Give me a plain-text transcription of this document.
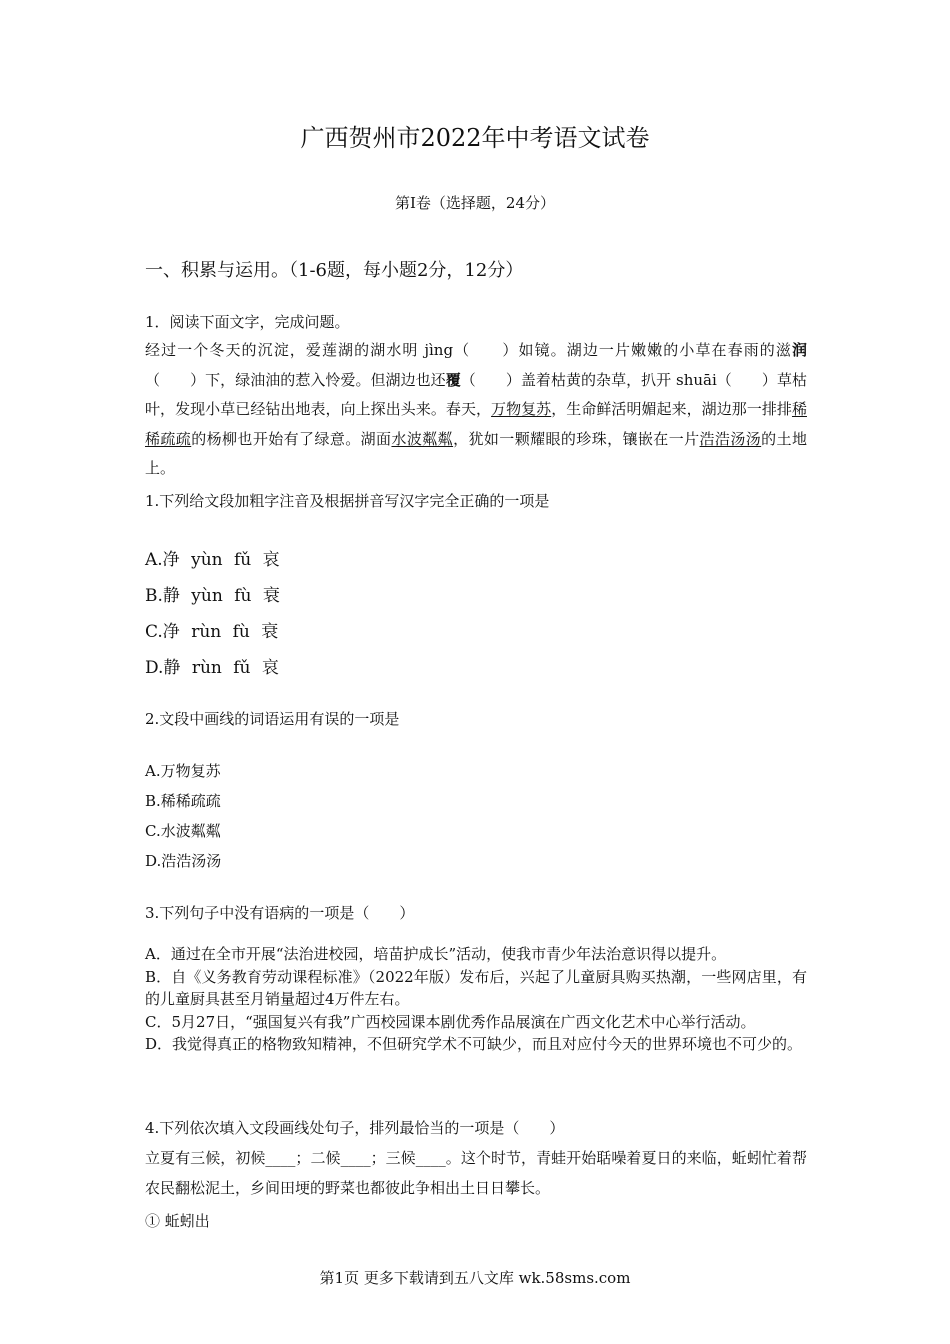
广西贺州市2022年中考语文试卷
第Ⅰ卷（选择题，24分）
一、积累与运用。（1-6题，每小题2分，12分）
1．阅读下面文字，完成问题。
经过一个冬天的沉淀，爱莲湖的湖水明 jìng（　　）如镜。湖边一片嫩嫩的小草在春雨的滋润（　　）下，绿油油的惹入怜爱。但湖边也还覆（　　）盖着枯黄的杂草，扒开 shuāi（　　）草枯叶，发现小草已经钻出地表，向上探出头来。春天，万物复苏，生命鲜活明媚起来，湖边那一排排稀稀疏疏的杨柳也开始有了绿意。湖面水波粼粼，犹如一颗耀眼的珍珠，镶嵌在一片浩浩汤汤的土地上。
1.下列给文段加粗字注音及根据拼音写汉字完全正确的一项是
A.净 yùn fǔ 哀
B.静 yùn fù 衰
C.净 rùn fù 衰
D.静 rùn fǔ 哀
2.文段中画线的词语运用有误的一项是
A.万物复苏
B.稀稀疏疏
C.水波粼粼
D.浩浩汤汤
3.下列句子中没有语病的一项是（　　）
A．通过在全市开展“法治进校园，培苗护成长”活动，使我市青少年法治意识得以提升。
B．自《义务教育劳动课程标准》（2022年版）发布后，兴起了儿童厨具购买热潮，一些网店里，有的儿童厨具甚至月销量超过4万件左右。
C．5月27日，“强国复兴有我”广西校园课本剧优秀作品展演在广西文化艺术中心举行活动。
D．我觉得真正的格物致知精神，不但研究学术不可缺少，而且对应付今天的世界环境也不可少的。
4.下列依次填入文段画线处句子，排列最恰当的一项是（　　）
立夏有三候，初候____；二候____；三候____。这个时节，青蛙开始聒噪着夏日的来临，蚯蚓忙着帮农民翻松泥土，乡间田埂的野菜也都彼此争相出土日日攀长。
① 蚯蚓出
第1页 更多下载请到五八文库 wk.58sms.com
